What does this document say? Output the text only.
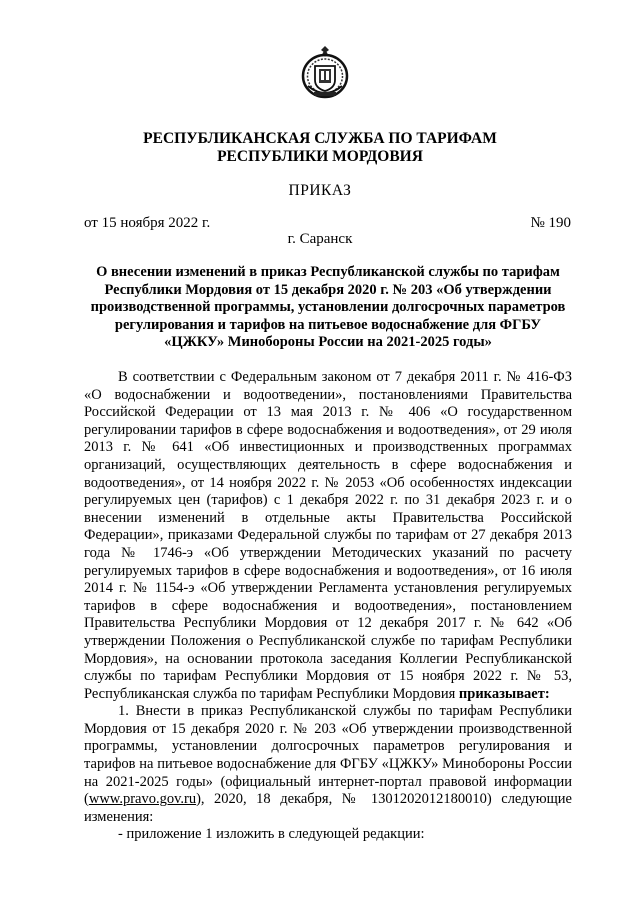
РЕСПУБЛИКАНСКАЯ СЛУЖБА ПО ТАРИФАМ
РЕСПУБЛИКИ МОРДОВИЯ
ПРИКАЗ
от 15 ноября 2022 г.	№ 190
г. Саранск
О внесении изменений в приказ Республиканской службы по тарифам Республики Мордовия от 15 декабря 2020 г. № 203 «Об утверждении производственной программы, установлении долгосрочных параметров регулирования и тарифов на питьевое водоснабжение для ФГБУ «ЦЖКУ» Минобороны России на 2021-2025 годы»

В соответствии с Федеральным законом от 7 декабря 2011 г. № 416-ФЗ «О водоснабжении и водоотведении», постановлениями Правительства Российской Федерации от 13 мая 2013 г. № 406 «О государственном регулировании тарифов в сфере водоснабжения и водоотведения», от 29 июля 2013 г. № 641 «Об инвестиционных и производственных программах организаций, осуществляющих деятельность в сфере водоснабжения и водоотведения», от 14 ноября 2022 г. № 2053 «Об особенностях индексации регулируемых цен (тарифов) с 1 декабря 2022 г. по 31 декабря 2023 г. и о внесении изменений в отдельные акты Правительства Российской Федерации», приказами Федеральной службы по тарифам от 27 декабря 2013 года № 1746-э «Об утверждении Методических указаний по расчету регулируемых тарифов в сфере водоснабжения и водоотведения», от 16 июля 2014 г. № 1154-э «Об утверждении Регламента установления регулируемых тарифов в сфере водоснабжения и водоотведения», постановлением Правительства Республики Мордовия от 12 декабря 2017 г. № 642 «Об утверждении Положения о Республиканской службе по тарифам Республики Мордовия», на основании протокола заседания Коллегии Республиканской службы по тарифам Республики Мордовия от 15 ноября 2022 г. № 53, Республиканская служба по тарифам Республики Мордовия приказывает:

1. Внести в приказ Республиканской службы по тарифам Республики Мордовия от 15 декабря 2020 г. № 203 «Об утверждении производственной программы, установлении долгосрочных параметров регулирования и тарифов на питьевое водоснабжение для ФГБУ «ЦЖКУ» Минобороны России на 2021-2025 годы» (официальный интернет-портал правовой информации (www.pravo.gov.ru), 2020, 18 декабря, № 1301202012180010) следующие изменения:

- приложение 1 изложить в следующей редакции:
